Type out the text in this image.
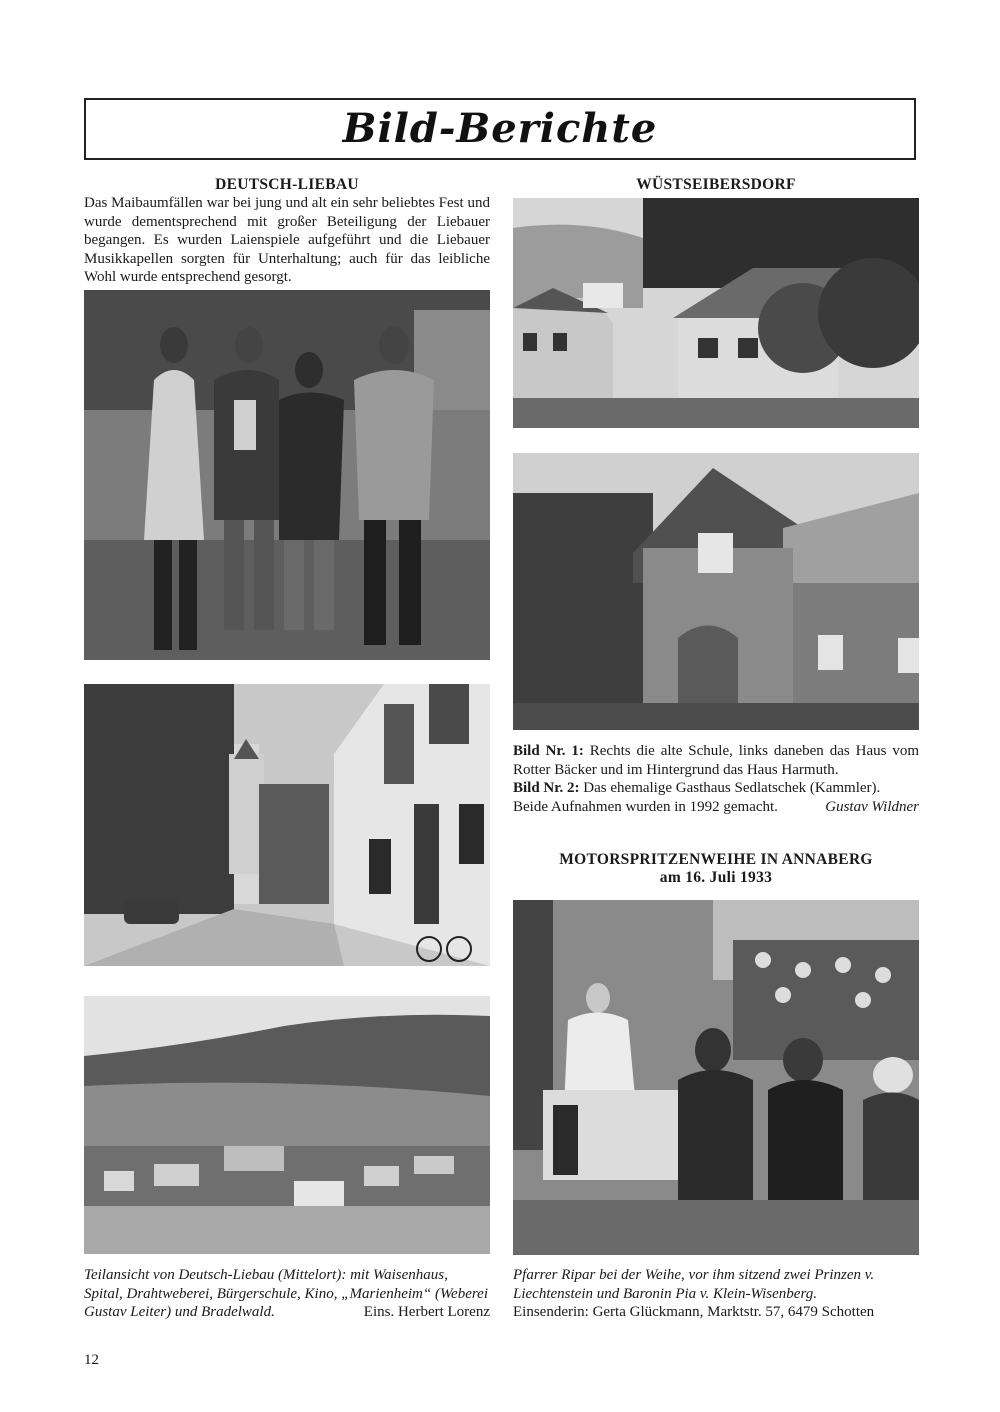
Bild-Berichte
DEUTSCH-LIEBAU
Das Maibaumfällen war bei jung und alt ein sehr beliebtes Fest und wurde dementsprechend mit großer Beteiligung der Liebauer begangen. Es wurden Laienspiele aufgeführt und die Liebauer Musikkapellen sorgten für Unterhaltung; auch für das leibliche Wohl wurde entsprechend gesorgt.
Teilansicht von Deutsch-Liebau (Mittelort): mit Waisenhaus, Spital, Drahtweberei, Bürgerschule, Kino, „Marienheim“ (Weberei Gustav Leiter) und Bradelwald.	Eins. Herbert Lorenz
WÜSTSEIBERSDORF
Bild Nr. 1: Rechts die alte Schule, links daneben das Haus vom Rotter Bäcker und im Hintergrund das Haus Harmuth.
Bild Nr. 2: Das ehemalige Gasthaus Sedlatschek (Kammler). Beide Aufnahmen wurden in 1992 gemacht.	Gustav Wildner
MOTORSPRITZENWEIHE IN ANNABERG
am 16. Juli 1933
Pfarrer Ripar bei der Weihe, vor ihm sitzend zwei Prinzen v. Liechtenstein und Baronin Pia v. Klein-Wisenberg.
Einsenderin: Gerta Glückmann, Marktstr. 57, 6479 Schotten
12
